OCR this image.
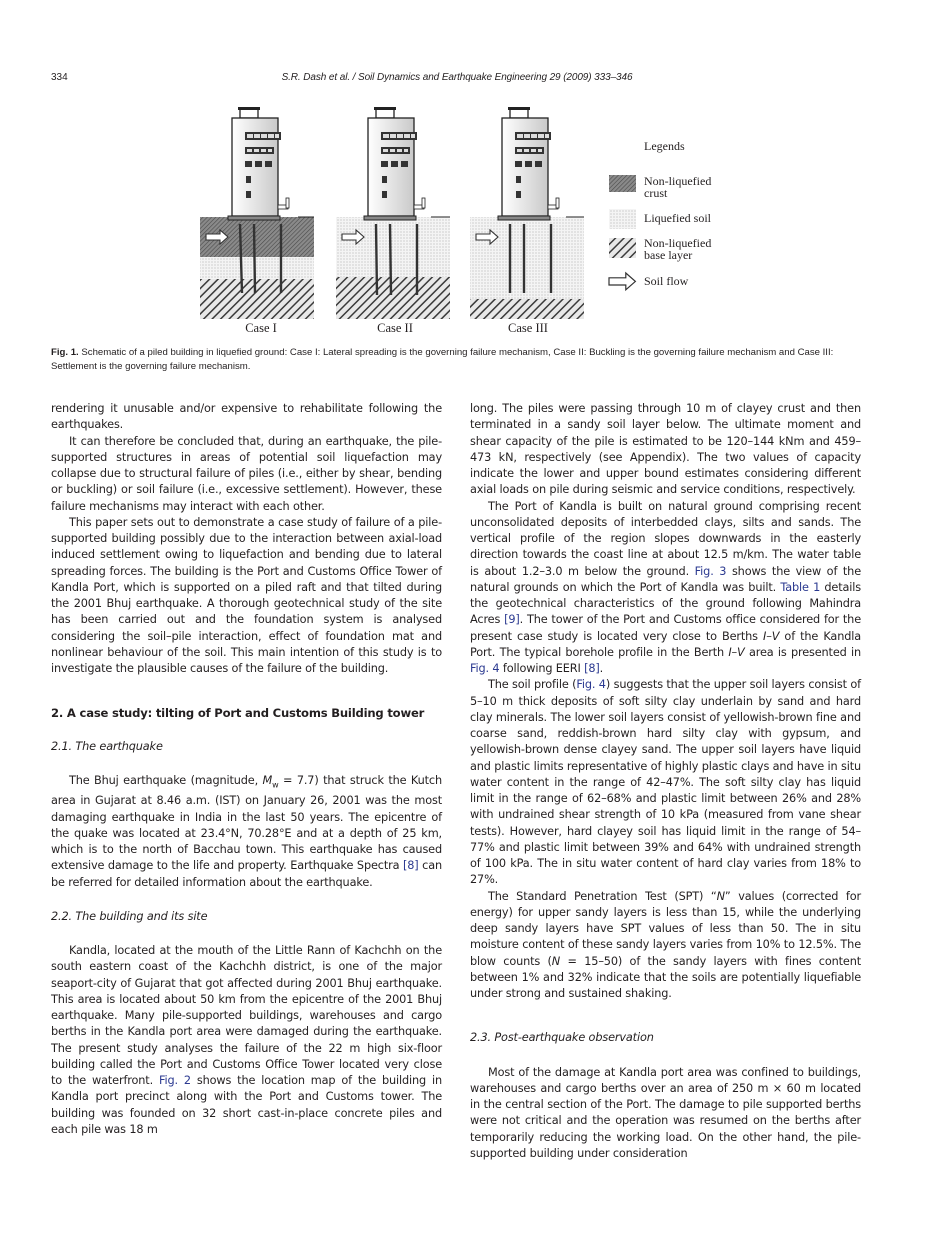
334	S.R. Dash et al. / Soil Dynamics and Earthquake Engineering 29 (2009) 333–346
Case I	Case II	Case III
Legends
Non-liquefied
crust
Liquefied soil
Non-liquefied
base layer
Soil flow
Fig. 1. Schematic of a piled building in liquefied ground: Case I: Lateral spreading is the governing failure mechanism, Case II: Buckling is the governing failure mechanism and Case III: Settlement is the governing failure mechanism.

rendering it unusable and/or expensive to rehabilitate following the earthquakes.

It can therefore be concluded that, during an earthquake, the pile-supported structures in areas of potential soil liquefaction may collapse due to structural failure of piles (i.e., either by shear, bending or buckling) or soil failure (i.e., excessive settlement). However, these failure mechanisms may interact with each other.

This paper sets out to demonstrate a case study of failure of a pile-supported building possibly due to the interaction between axial-load induced settlement owing to liquefaction and bending due to lateral spreading forces. The building is the Port and Customs Office Tower of Kandla Port, which is supported on a piled raft and that tilted during the 2001 Bhuj earthquake. A thorough geotechnical study of the site has been carried out and the foundation system is analysed considering the soil–pile interaction, effect of foundation mat and nonlinear behaviour of the soil. This main intention of this study is to investigate the plausible causes of the failure of the building.

2. A case study: tilting of Port and Customs Building tower
2.1. The earthquake

The Bhuj earthquake (magnitude, $M_w = 7.7$) that struck the Kutch area in Gujarat at 8.46 a.m. (IST) on January 26, 2001 was the most damaging earthquake in India in the last 50 years. The epicentre of the quake was located at 23.4°N, 70.28°E and at a depth of 25 km, which is to the north of Bacchau town. This earthquake has caused extensive damage to the life and property. Earthquake Spectra [8] can be referred for detailed information about the earthquake.

2.2. The building and its site

Kandla, located at the mouth of the Little Rann of Kachchh on the south eastern coast of the Kachchh district, is one of the major seaport-city of Gujarat that got affected during 2001 Bhuj earthquake. This area is located about 50 km from the epicentre of the 2001 Bhuj earthquake. Many pile-supported buildings, warehouses and cargo berths in the Kandla port area were damaged during the earthquake. The present study analyses the failure of the 22 m high six-floor building called the Port and Customs Office Tower located very close to the waterfront. Fig. 2 shows the location map of the building in Kandla port precinct along with the Port and Customs tower. The building was founded on 32 short cast-in-place concrete piles and each pile was 18 m

long. The piles were passing through 10 m of clayey crust and then terminated in a sandy soil layer below. The ultimate moment and shear capacity of the pile is estimated to be 120–144 kNm and 459–473 kN, respectively (see Appendix). The two values of capacity indicate the lower and upper bound estimates considering different axial loads on pile during seismic and service conditions, respectively.

The Port of Kandla is built on natural ground comprising recent unconsolidated deposits of interbedded clays, silts and sands. The vertical profile of the region slopes downwards in the easterly direction towards the coast line at about 12.5 m/km. The water table is about 1.2–3.0 m below the ground. Fig. 3 shows the view of the natural grounds on which the Port of Kandla was built. Table 1 details the geotechnical characteristics of the ground following Mahindra Acres [9]. The tower of the Port and Customs office considered for the present case study is located very close to Berths I–V of the Kandla Port. The typical borehole profile in the Berth I–V area is presented in Fig. 4 following EERI [8].

The soil profile (Fig. 4) suggests that the upper soil layers consist of 5–10 m thick deposits of soft silty clay underlain by sand and hard clay minerals. The lower soil layers consist of yellowish-brown fine and coarse sand, reddish-brown hard silty clay with gypsum, and yellowish-brown dense clayey sand. The upper soil layers have liquid and plastic limits representative of highly plastic clays and have in situ water content in the range of 42–47%. The soft silty clay has liquid limit in the range of 62–68% and plastic limit between 26% and 28% with undrained shear strength of 10 kPa (measured from vane shear tests). However, hard clayey soil has liquid limit in the range of 54–77% and plastic limit between 39% and 64% with undrained strength of 100 kPa. The in situ water content of hard clay varies from 18% to 27%.

The Standard Penetration Test (SPT) “N” values (corrected for energy) for upper sandy layers is less than 15, while the underlying deep sandy layers have SPT values of less than 50. The in situ moisture content of these sandy layers varies from 10% to 12.5%. The blow counts (N = 15–50) of the sandy layers with fines content between 1% and 32% indicate that the soils are potentially liquefiable under strong and sustained shaking.

2.3. Post-earthquake observation

Most of the damage at Kandla port area was confined to buildings, warehouses and cargo berths over an area of 250 m × 60 m located in the central section of the Port. The damage to pile supported berths were not critical and the operation was resumed on the berths after temporarily reducing the working load. On the other hand, the pile-supported building under consideration
